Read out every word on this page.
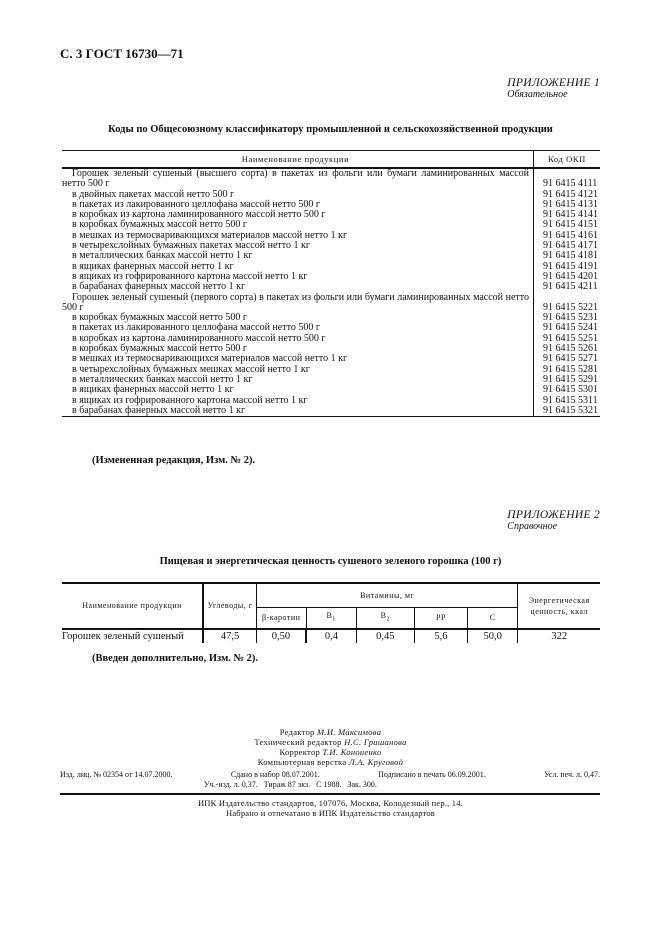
С. 3 ГОСТ 16730—71
ПРИЛОЖЕНИЕ 1
Обязательное
Коды по Общесоюзному классификатору промышленной и сельскохозяйственной продукции
Наименование продукции	Код ОКП
Горошек зеленый сушеный (высшего сорта) в пакетах из фольги или бумаги ламинированных массой нетто 500 г	91 6415 4111
в двойных пакетах массой нетто 500 г	91 6415 4121
в пакетах из лакированного целлофана массой нетто 500 г	91 6415 4131
в коробках из картона ламинированного массой нетто 500 г	91 6415 4141
в коробках бумажных массой нетто 500 г	91 6415 4151
в мешках из термосваривающихся материалов массой нетто 1 кг	91 6415 4161
в четырехслойных бумажных пакетах массой нетто 1 кг	91 6415 4171
в металлических банках массой нетто 1 кг	91 6415 4181
в ящиках фанерных массой нетто 1 кг	91 6415 4191
в ящиках из гофрированного картона массой нетто 1 кг	91 6415 4201
в барабанах фанерных массой нетто 1 кг	91 6415 4211
Горошек зеленый сушеный (первого сорта) в пакетах из фольги или бумаги ламинированных массой нетто 500 г	91 6415 5221
в коробках бумажных массой нетто 500 г	91 6415 5231
в пакетах из лакированного целлофана массой нетто 500 г	91 6415 5241
в коробках из картона ламинированного массой нетто 500 г	91 6415 5251
в коробках бумажных массой нетто 500 г	91 6415 5261
в мешках из термосваривающихся материалов массой нетто 1 кг	91 6415 5271
в четырехслойных бумажных мешках массой нетто 1 кг	91 6415 5281
в металлических банках массой нетто 1 кг	91 6415 5291
в ящиках фанерных массой нетто 1 кг	91 6415 5301
в ящиках из гофрированного картона массой нетто 1 кг	91 6415 5311
в барабанах фанерных массой нетто 1 кг	91 6415 5321
(Измененная редакция, Изм. № 2).
ПРИЛОЖЕНИЕ 2
Справочное
Пищевая и энергетическая ценность сушеного зеленого горошка (100 г)
Наименование продукции	Углеводы, г	Витамины, мг					Энергетическая ценность, ккал
		β-каротин	$B_1$	$B_2$	PP	C	
Горошек зеленый сушеный	47,5	0,50	0,4	0,45	5,6	50,0	322
(Введен дополнительно, Изм. № 2).
Редактор М.И. Максимова
Технический редактор Н.С. Гришанова
Корректор Т.И. Кононенко
Компьютерная верстка Л.А. Круговой
Изд. лиц. № 02354 от 14.07.2000.	Сдано в набор 08.07.2001.	Подписано в печать 06.09.2001.	Усл. печ. л. 0,47.
Уч.-изд. л. 0,37. Тираж 87 экз. С 1988. Зак. 300.
ИПК Издательство стандартов, 107076, Москва, Колодезный пер., 14.
Набрано и отпечатано в ИПК Издательство стандартов
